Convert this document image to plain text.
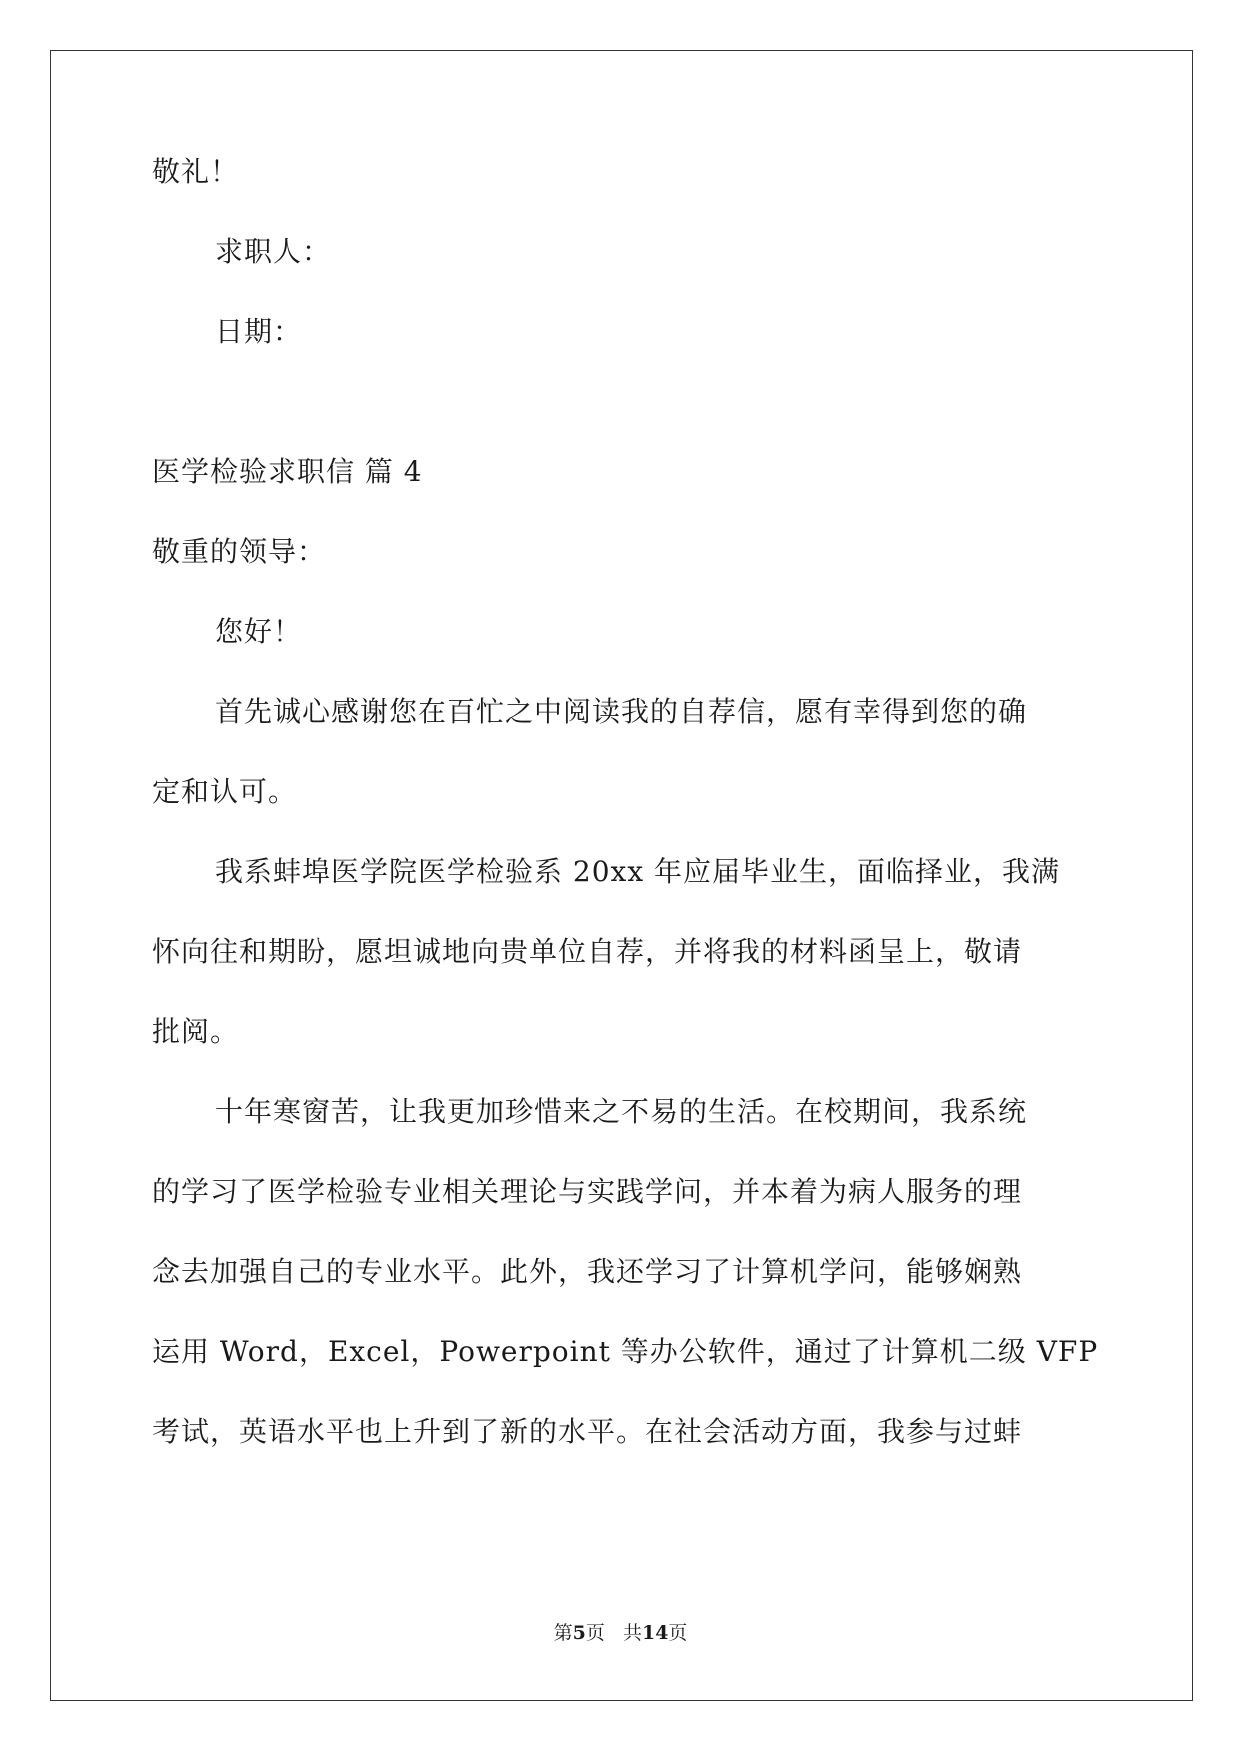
敬礼！
求职人：
日期：
医学检验求职信 篇 4
敬重的领导：
您好！
首先诚心感谢您在百忙之中阅读我的自荐信，愿有幸得到您的确
定和认可。
我系蚌埠医学院医学检验系 20xx 年应届毕业生，面临择业，我满
怀向往和期盼，愿坦诚地向贵单位自荐，并将我的材料函呈上，敬请
批阅。
十年寒窗苦，让我更加珍惜来之不易的生活。在校期间，我系统
的学习了医学检验专业相关理论与实践学问，并本着为病人服务的理
念去加强自己的专业水平。此外，我还学习了计算机学问，能够娴熟
运用 Word，Excel，Powerpoint 等办公软件，通过了计算机二级 VFP
考试，英语水平也上升到了新的水平。在社会活动方面，我参与过蚌
第5页 共14页
